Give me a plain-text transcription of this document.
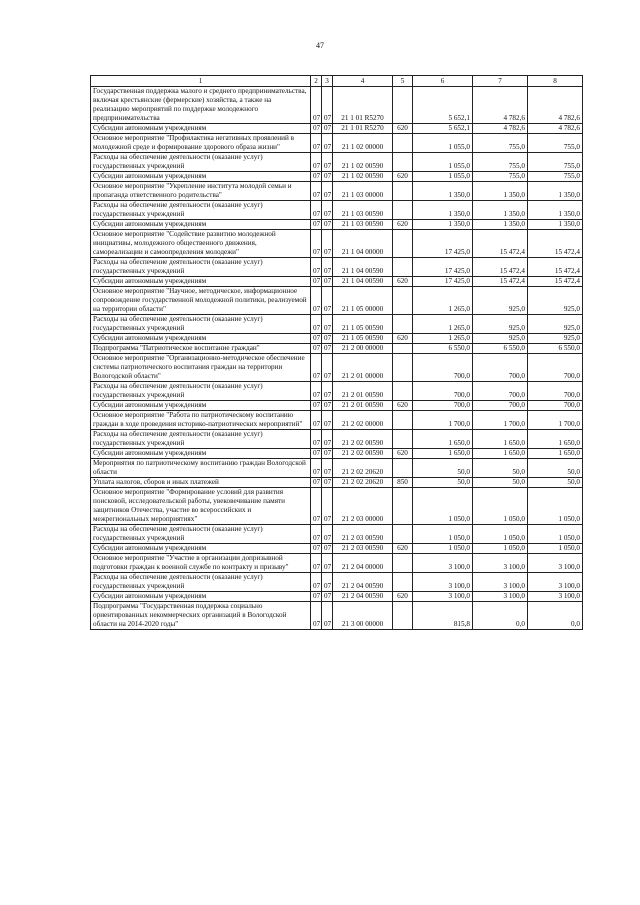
47
1	2	3	4	5	6	7	8
Государственная поддержка малого и среднего предпринимательства, включая крестьянские (фермерские) хозяйства, а также на реализацию мероприятий по поддержке молодежного предпринимательства	07	07	21 1 01 R5270		5 652,1	4 782,6	4 782,6
Субсидии автономным учреждениям	07	07	21 1 01 R5270	620	5 652,1	4 782,6	4 782,6
Основное мероприятие "Профилактика негативных проявлений в молодежной среде и формирование здорового образа жизни"	07	07	21 1 02 00000		1 055,0	755,0	755,0
Расходы на обеспечение деятельности (оказание услуг) государственных учреждений	07	07	21 1 02 00590		1 055,0	755,0	755,0
Субсидии автономным учреждениям	07	07	21 1 02 00590	620	1 055,0	755,0	755,0
Основное мероприятие "Укрепление института молодой семьи и пропаганда ответственного родительства"	07	07	21 1 03 00000		1 350,0	1 350,0	1 350,0
Расходы на обеспечение деятельности (оказание услуг) государственных учреждений	07	07	21 1 03 00590		1 350,0	1 350,0	1 350,0
Субсидии автономным учреждениям	07	07	21 1 03 00590	620	1 350,0	1 350,0	1 350,0
Основное мероприятие "Содействие развитию молодежной инициативы, молодежного общественного движения, самореализации и самоопределения молодежи"	07	07	21 1 04 00000		17 425,0	15 472,4	15 472,4
Расходы на обеспечение деятельности (оказание услуг) государственных учреждений	07	07	21 1 04 00590		17 425,0	15 472,4	15 472,4
Субсидии автономным учреждениям	07	07	21 1 04 00590	620	17 425,0	15 472,4	15 472,4
Основное мероприятие "Научное, методическое, информационное сопровождение государственной молодежной политики, реализуемой на территории области"	07	07	21 1 05 00000		1 265,0	925,0	925,0
Расходы на обеспечение деятельности (оказание услуг) государственных учреждений	07	07	21 1 05 00590		1 265,0	925,0	925,0
Субсидии автономным учреждениям	07	07	21 1 05 00590	620	1 265,0	925,0	925,0
Подпрограмма "Патриотическое воспитание граждан"	07	07	21 2 00 00000		6 550,0	6 550,0	6 550,0
Основное мероприятие "Организационно-методическое обеспечение системы патриотического воспитания граждан на территории Вологодской области"	07	07	21 2 01 00000		700,0	700,0	700,0
Расходы на обеспечение деятельности (оказание услуг) государственных учреждений	07	07	21 2 01 00590		700,0	700,0	700,0
Субсидии автономным учреждениям	07	07	21 2 01 00590	620	700,0	700,0	700,0
Основное мероприятие "Работа по патриотическому воспитанию граждан в ходе проведения историко-патриотических мероприятий"	07	07	21 2 02 00000		1 700,0	1 700,0	1 700,0
Расходы на обеспечение деятельности (оказание услуг) государственных учреждений	07	07	21 2 02 00590		1 650,0	1 650,0	1 650,0
Субсидии автономным учреждениям	07	07	21 2 02 00590	620	1 650,0	1 650,0	1 650,0
Мероприятия по патриотическому воспитанию граждан Вологодской области	07	07	21 2 02 20620		50,0	50,0	50,0
Уплата налогов, сборов и иных платежей	07	07	21 2 02 20620	850	50,0	50,0	50,0
Основное мероприятие "Формирование условий для развития поисковой, исследовательской работы, увековечивание памяти защитников Отечества, участие во всероссийских и межрегиональных мероприятиях"	07	07	21 2 03 00000		1 050,0	1 050,0	1 050,0
Расходы на обеспечение деятельности (оказание услуг) государственных учреждений	07	07	21 2 03 00590		1 050,0	1 050,0	1 050,0
Субсидии автономным учреждениям	07	07	21 2 03 00590	620	1 050,0	1 050,0	1 050,0
Основное мероприятие "Участие в организации допризывной подготовки граждан к военной службе по контракту и призыву"	07	07	21 2 04 00000		3 100,0	3 100,0	3 100,0
Расходы на обеспечение деятельности (оказание услуг) государственных учреждений	07	07	21 2 04 00590		3 100,0	3 100,0	3 100,0
Субсидии автономным учреждениям	07	07	21 2 04 00590	620	3 100,0	3 100,0	3 100,0
Подпрограмма "Государственная поддержка социально ориентированных некоммерческих организаций в Вологодской области на 2014-2020 годы"	07	07	21 3 00 00000		815,8	0,0	0,0
